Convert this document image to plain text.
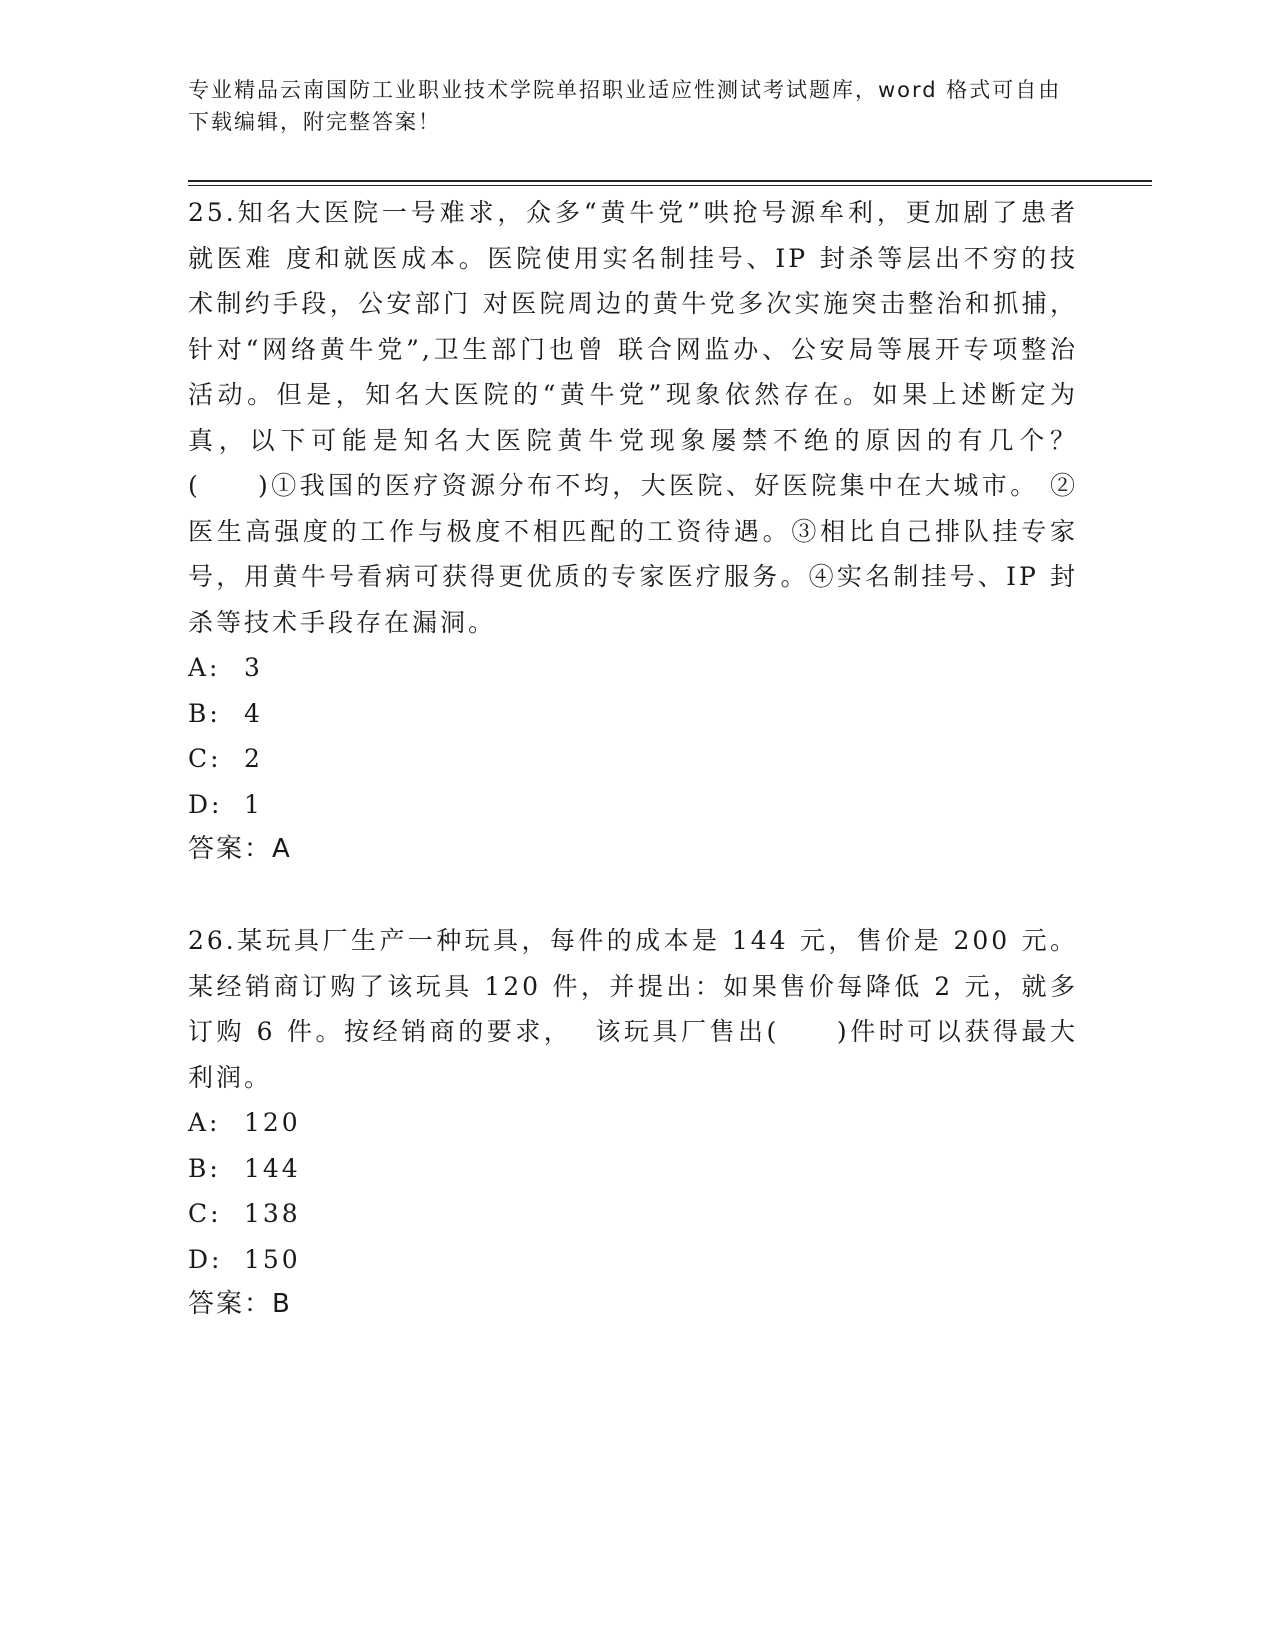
专业精品云南国防工业职业技术学院单招职业适应性测试考试题库，word 格式可自由下载编辑，附完整答案！

25.知名大医院一号难求，众多“黄牛党”哄抢号源牟利，更加剧了患者就医难 度和就医成本。医院使用实名制挂号、IP 封杀等层出不穷的技术制约手段，公安部门 对医院周边的黄牛党多次实施突击整治和抓捕，针对“网络黄牛党”,卫生部门也曾 联合网监办、公安局等展开专项整治活动。但是，知名大医院的“黄牛党”现象依然存在。如果上述断定为真，以下可能是知名大医院黄牛党现象屡禁不绝的原因的有几个？(　　)①我国的医疗资源分布不均，大医院、好医院集中在大城市。 ②医生高强度的工作与极度不相匹配的工资待遇。③相比自己排队挂专家号，用黄牛号看病可获得更优质的专家医疗服务。④实名制挂号、IP 封杀等技术手段存在漏洞。

A: 3
B: 4
C: 2
D: 1
答案：A

26.某玩具厂生产一种玩具，每件的成本是 144 元，售价是 200 元。某经销商订购了该玩具 120 件，并提出：如果售价每降低 2 元，就多订购 6 件。按经销商的要求，  该玩具厂售出(　　)件时可以获得最大利润。

A: 120
B: 144
C: 138
D: 150
答案：B
